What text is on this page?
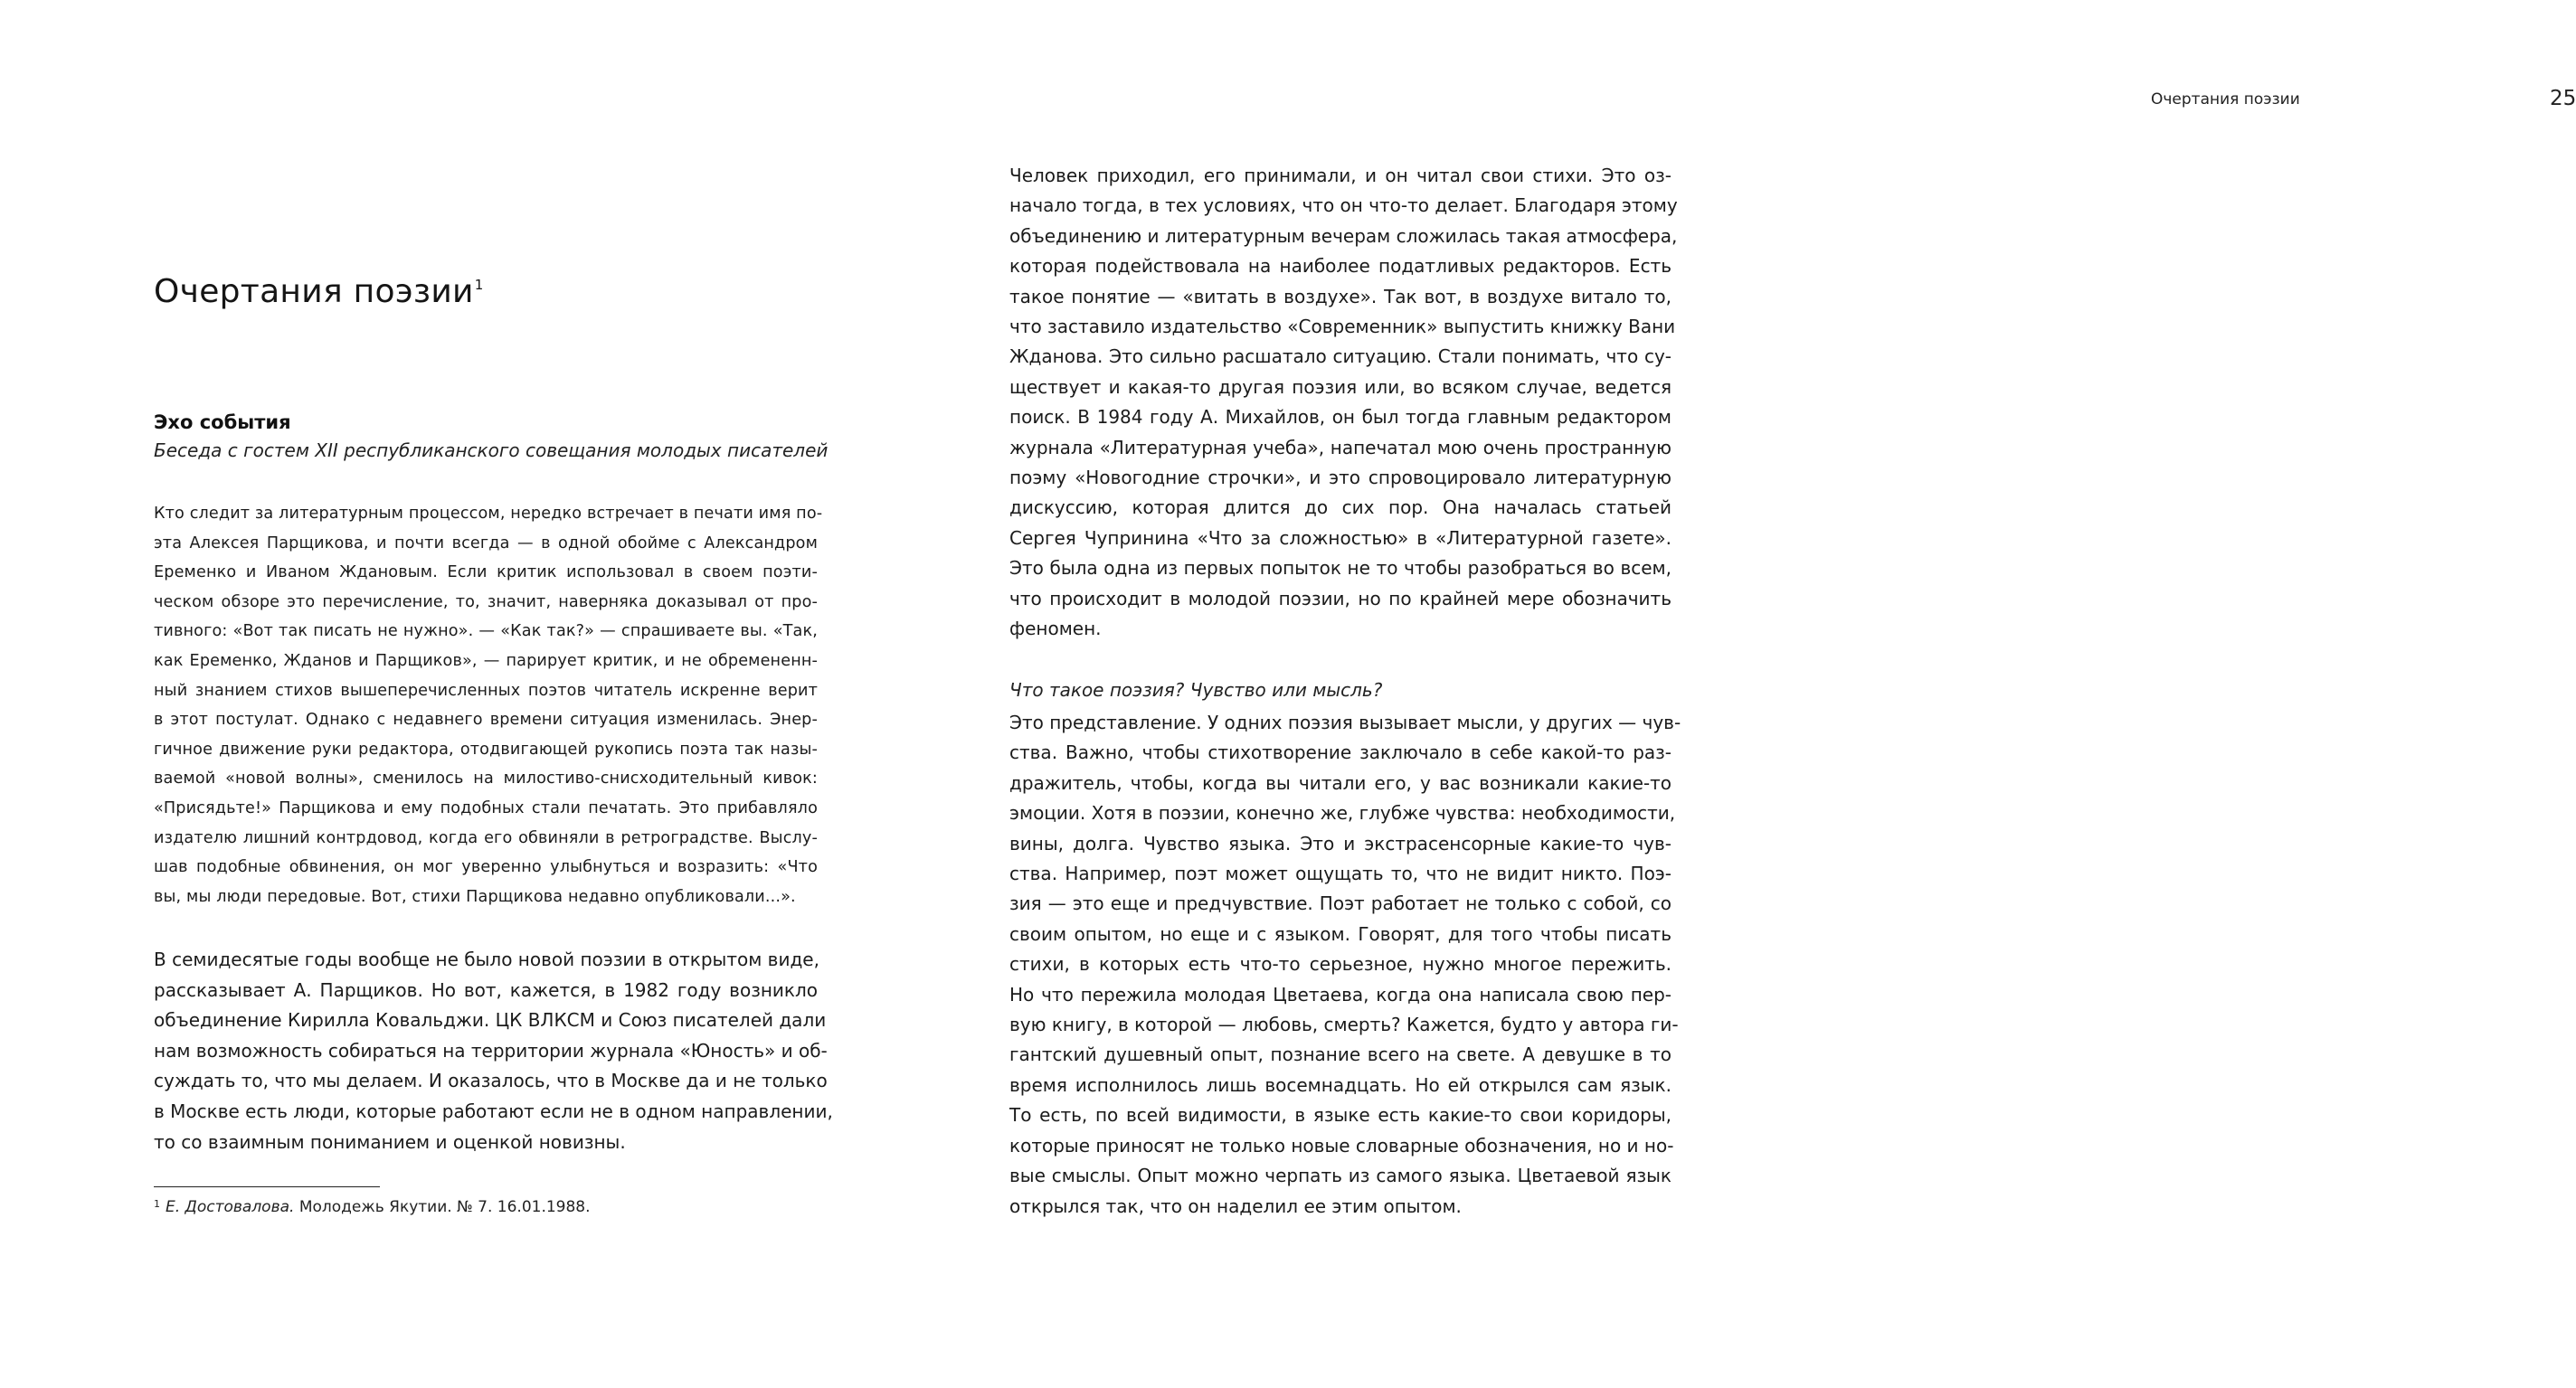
Очертания поэзии$^1$
Эхо события

Беседа с гостем XII республиканского совещания молодых писателей

Кто следит за литературным процессом, нередко встречает в печати имя по-
эта Алексея Парщикова, и почти всегда — в одной обойме с Александром
Еременко и Иваном Ждановым. Если критик использовал в своем поэти-
ческом обзоре это перечисление, то, значит, наверняка доказывал от про-
тивного: «Вот так писать не нужно». — «Как так?» — спрашиваете вы. «Так,
как Еременко, Жданов и Парщиков», — парирует критик, и не обремененн-
ный знанием стихов вышеперечисленных поэтов читатель искренне верит
в этот постулат. Однако с недавнего времени ситуация изменилась. Энер-
гичное движение руки редактора, отодвигающей рукопись поэта так назы-
ваемой «новой волны», сменилось на милостиво-снисходительный кивок:
«Присядьте!» Парщикова и ему подобных стали печатать. Это прибавляло
издателю лишний контрдовод, когда его обвиняли в ретроградстве. Выслу-
шав подобные обвинения, он мог уверенно улыбнуться и возразить: «Что
вы, мы люди передовые. Вот, стихи Парщикова недавно опубликовали...».

В семидесятые годы вообще не было новой поэзии в открытом виде,
рассказывает А. Парщиков. Но вот, кажется, в 1982 году возникло
объединение Кирилла Ковальджи. ЦК ВЛКСМ и Союз писателей дали
нам возможность собираться на территории журнала «Юность» и об-
суждать то, что мы делаем. И оказалось, что в Москве да и не только
в Москве есть люди, которые работают если не в одном направлении,
то со взаимным пониманием и оценкой новизны.

$^1$ Е. Достовалова. Молодежь Якутии. № 7. 16.01.1988.

Очертания поэзии	25

Человек приходил, его принимали, и он читал свои стихи. Это оз-
начало тогда, в тех условиях, что он что-то делает. Благодаря этому
объединению и литературным вечерам сложилась такая атмосфера,
которая подействовала на наиболее податливых редакторов. Есть
такое понятие — «витать в воздухе». Так вот, в воздухе витало то,
что заставило издательство «Современник» выпустить книжку Вани
Жданова. Это сильно расшатало ситуацию. Стали понимать, что су-
ществует и какая-то другая поэзия или, во всяком случае, ведется
поиск. В 1984 году А. Михайлов, он был тогда главным редактором
журнала «Литературная учеба», напечатал мою очень пространную
поэму «Новогодние строчки», и это спровоцировало литературную
дискуссию, которая длится до сих пор. Она началась статьей
Сергея Чупринина «Что за сложностью» в «Литературной газете».
Это была одна из первых попыток не то чтобы разобраться во всем,
что происходит в молодой поэзии, но по крайней мере обозначить
феномен.

Что такое поэзия? Чувство или мысль?

Это представление. У одних поэзия вызывает мысли, у других — чув-
ства. Важно, чтобы стихотворение заключало в себе какой-то раз-
дражитель, чтобы, когда вы читали его, у вас возникали какие-то
эмоции. Хотя в поэзии, конечно же, глубже чувства: необходимости,
вины, долга. Чувство языка. Это и экстрасенсорные какие-то чув-
ства. Например, поэт может ощущать то, что не видит никто. Поэ-
зия — это еще и предчувствие. Поэт работает не только с собой, со
своим опытом, но еще и с языком. Говорят, для того чтобы писать
стихи, в которых есть что-то серьезное, нужно многое пережить.
Но что пережила молодая Цветаева, когда она написала свою пер-
вую книгу, в которой — любовь, смерть? Кажется, будто у автора ги-
гантский душевный опыт, познание всего на свете. А девушке в то
время исполнилось лишь восемнадцать. Но ей открылся сам язык.
То есть, по всей видимости, в языке есть какие-то свои коридоры,
которые приносят не только новые словарные обозначения, но и но-
вые смыслы. Опыт можно черпать из самого языка. Цветаевой язык
открылся так, что он наделил ее этим опытом.
